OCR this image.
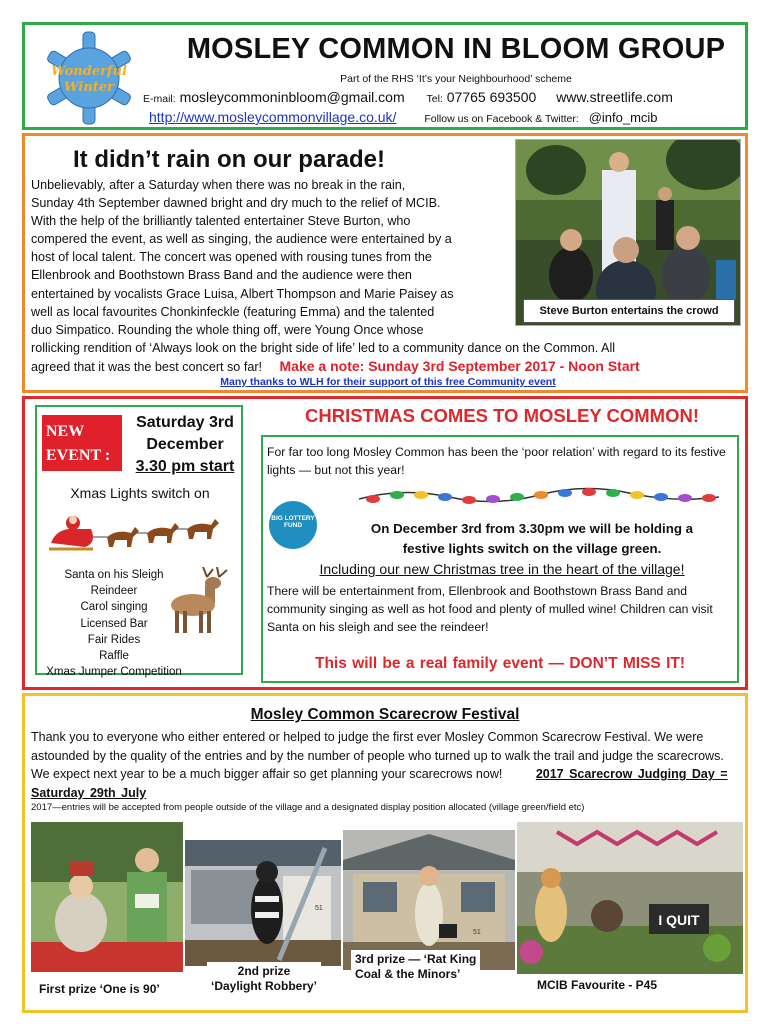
Wonderful
Winter
MOSLEY COMMON IN BLOOM GROUP
Part of the RHS ‘It’s your Neighbourhood’ scheme
E-mail: mosleycommoninbloom@gmail.com Tel: 07765 693500 www.streetlife.com
http://www.mosleycommonvillage.co.uk/	Follow us on Facebook & Twitter: @info_mcib
It didn’t rain on our parade!
Steve Burton entertains the crowd
Unbelievably, after a Saturday when there was no break in the rain,
Sunday 4th September dawned bright and dry much to the relief of MCIB.
With the help of the brilliantly talented entertainer Steve Burton, who
compered the event, as well as singing, the audience were entertained by a
host of local talent. The concert was opened with rousing tunes from the
Ellenbrook and Boothstown Brass Band and the audience were then
entertained by vocalists Grace Luisa, Albert Thompson and Marie Paisey as
well as local favourites Chonkinfeckle (featuring Emma) and the talented
duo Simpatico. Rounding the whole thing off, were Young Once whose
rollicking rendition of ‘Always look on the bright side of life’ led to a community dance on the Common. All
agreed that it was the best concert so far! Make a note: Sunday 3rd September 2017 - Noon Start
Many thanks to WLH for their support of this free Community event
NEW
EVENT :
Saturday 3rd
December
3.30 pm start
Xmas Lights switch on
Santa on his Sleigh
Reindeer
Carol singing
Licensed Bar
Fair Rides
Raffle
Xmas Jumper Competition
CHRISTMAS COMES TO MOSLEY COMMON!
For far too long Mosley Common has been the ‘poor relation’ with regard to its festive lights — but not this year!
BIG LOTTERY FUND	On December 3rd from 3.30pm we will be holding a
festive lights switch on the village green.
Including our new Christmas tree in the heart of the village!
There will be entertainment from, Ellenbrook and Boothstown Brass Band and community singing as well as hot food and plenty of mulled wine! Children can visit Santa on his sleigh and see the reindeer!
This will be a real family event — DON’T MISS IT!
Mosley Common Scarecrow Festival
Thank you to everyone who either entered or helped to judge the first ever Mosley Common Scarecrow Festival. We were astounded by the quality of the entries and by the number of people who turned up to walk the trail and judge the scarecrows. We expect next year to be a much bigger affair so get planning your scarecrows now!	2017 Scarecrow Judging Day = Saturday 29th July
2017—entries will be accepted from people outside of the village and a designated display position allocated (village green/field etc)
First prize ‘One is 90’
51
2nd prize
‘Daylight Robbery’
51
3rd prize — ‘Rat King
Coal & the Minors’
I QUIT
MCIB Favourite - P45
